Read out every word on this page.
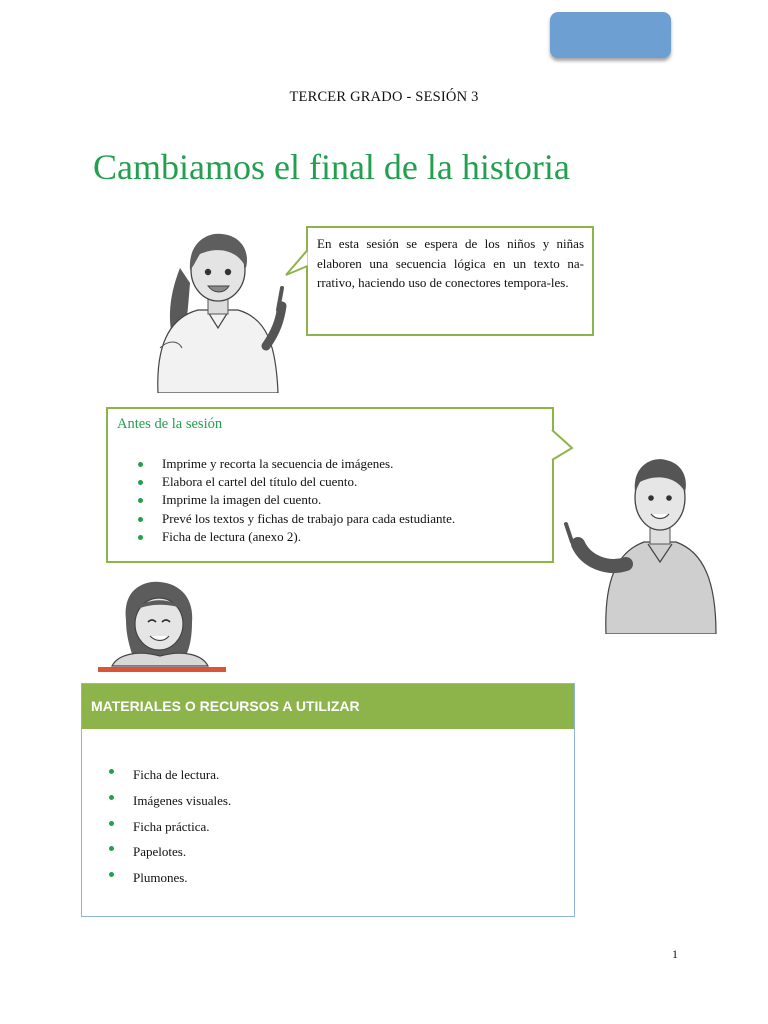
TERCER GRADO - SESIÓN 3
Cambiamos el final de la historia
En esta sesión se espera de los niños y niñas elaboren una secuencia lógica en un texto na-rrativo, haciendo uso de conectores tempora-les.
Antes de la sesión
Imprime y recorta la secuencia de imágenes.
Elabora el cartel del título del cuento.
Imprime la imagen del cuento.
Prevé los textos y fichas de trabajo para cada estudiante.
Ficha de lectura (anexo 2).
MATERIALES O RECURSOS A UTILIZAR
Ficha de lectura.
Imágenes visuales.
Ficha práctica.
Papelotes.
Plumones.
1
